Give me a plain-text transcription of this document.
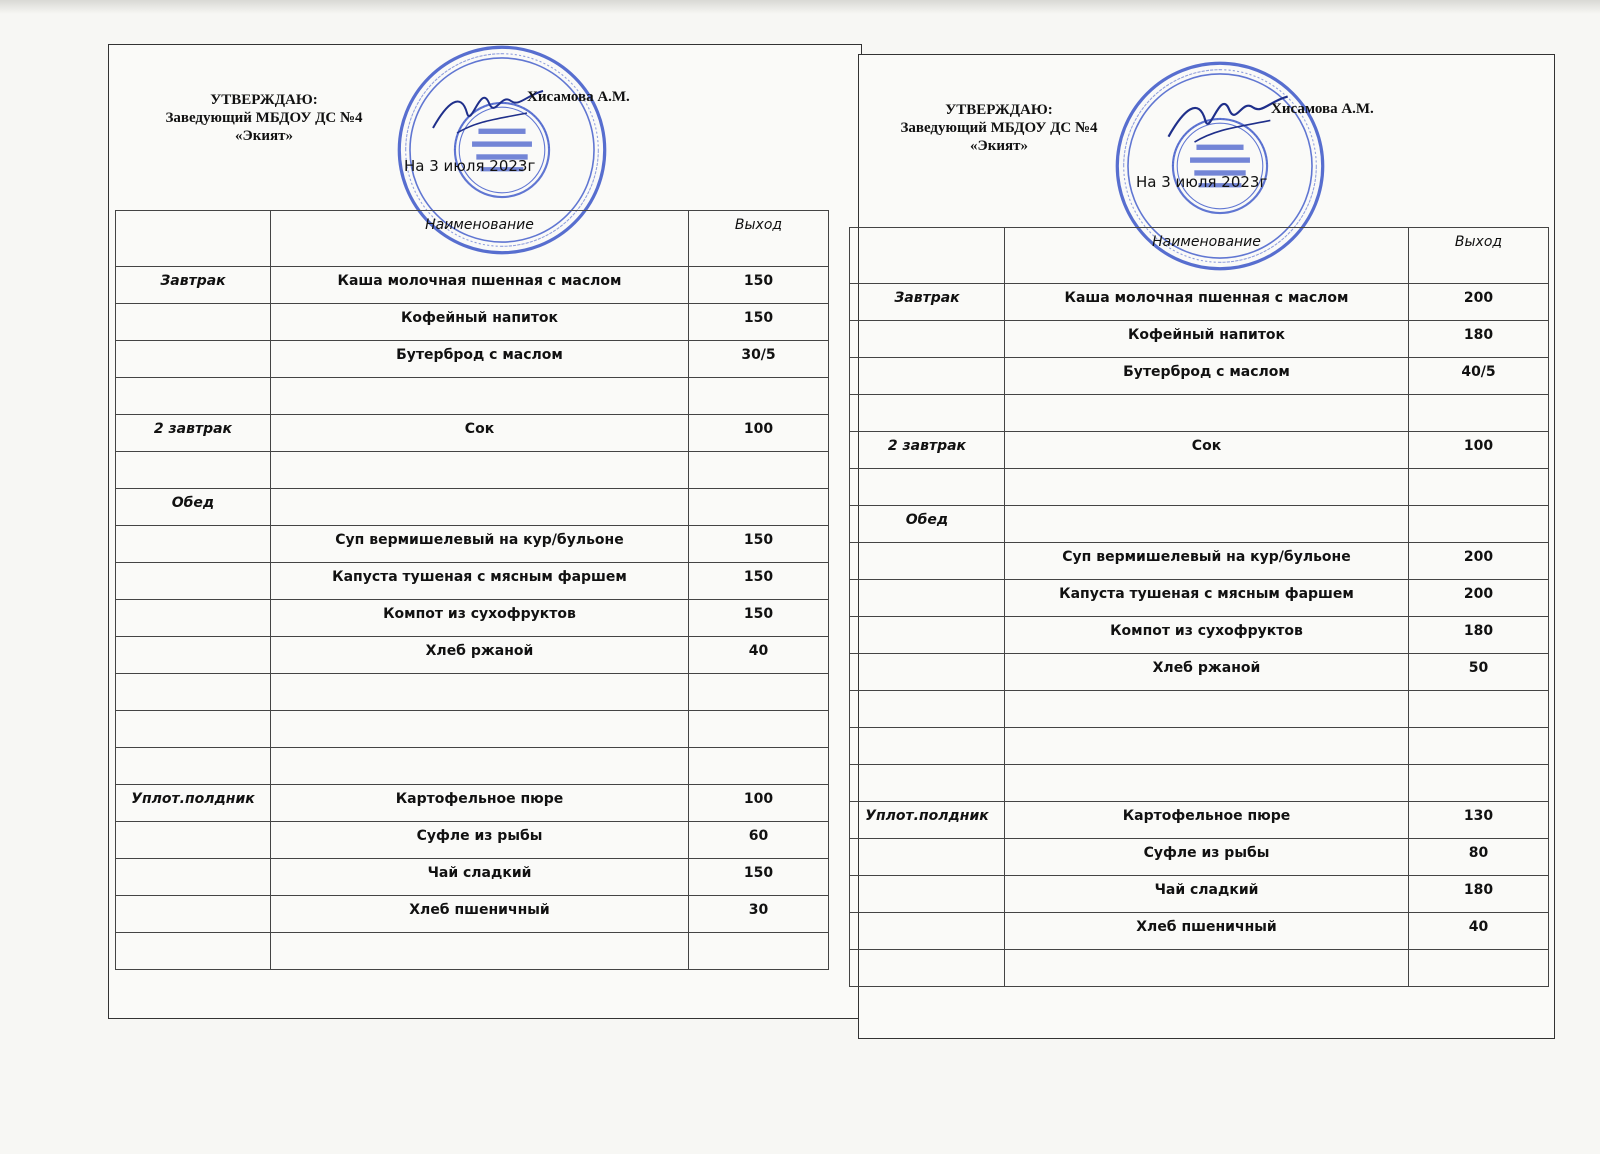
УТВЕРЖДАЮ:
Заведующий МБДОУ ДС №4
«Экият»
Хисамова А.М.
На 3 июля 2023г
	Наименование	Выход
Завтрак	Каша молочная пшенная с маслом	150
	Кофейный напиток	150
	Бутерброд с маслом	30/5

2 завтрак	Сок	100

Обед		
	Суп вермишелевый на кур/бульоне	150
	Капуста тушеная с мясным фаршем	150
	Компот из сухофруктов	150
	Хлеб ржаной	40

Уплот.полдник	Картофельное пюре	100
	Суфле из рыбы	60
	Чай сладкий	150
	Хлеб пшеничный	30

УТВЕРЖДАЮ:
Заведующий МБДОУ ДС №4
«Экият»
Хисамова А.М.
На 3 июля 2023г
	Наименование	Выход
Завтрак	Каша молочная пшенная с маслом	200
	Кофейный напиток	180
	Бутерброд с маслом	40/5

2 завтрак	Сок	100

Обед		
	Суп вермишелевый на кур/бульоне	200
	Капуста тушеная с мясным фаршем	200
	Компот из сухофруктов	180
	Хлеб ржаной	50

Уплот.полдник	Картофельное пюре	130
	Суфле из рыбы	80
	Чай сладкий	180
	Хлеб пшеничный	40
